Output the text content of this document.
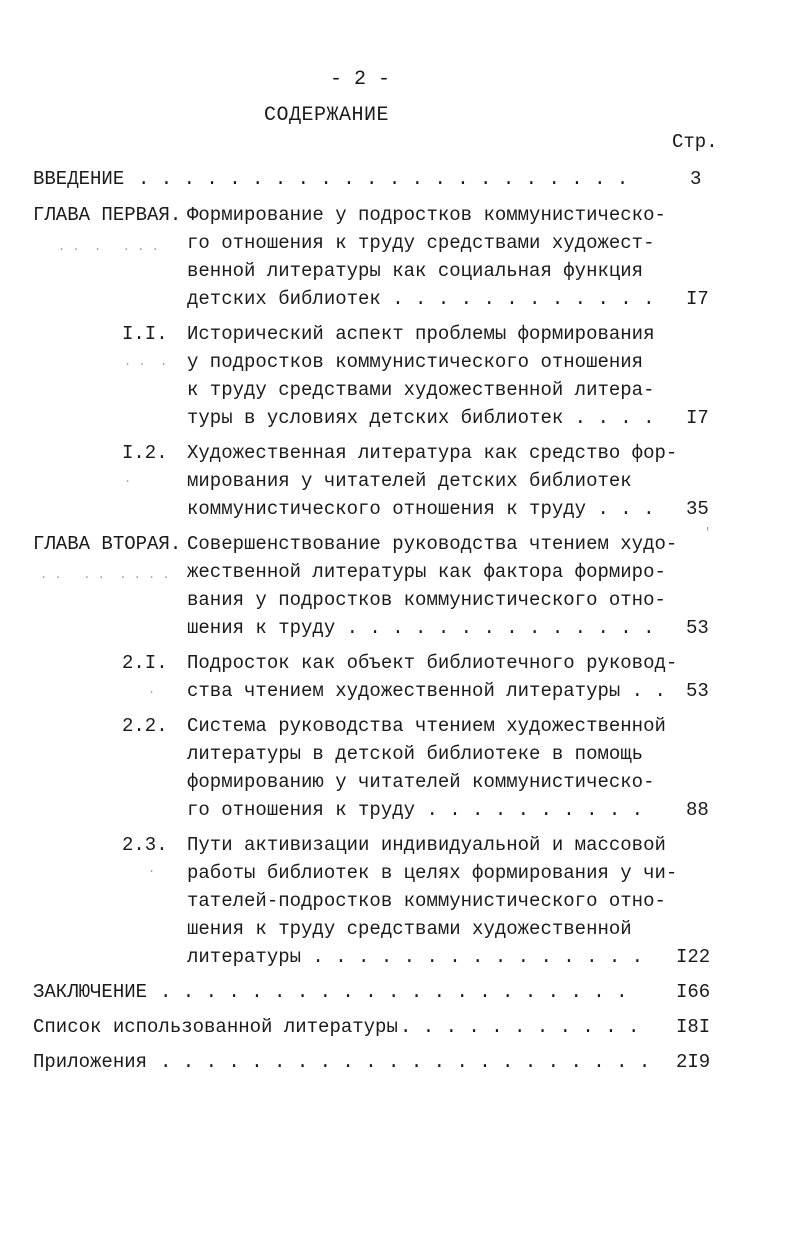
- 2 -
СОДЕРЖАНИЕ
Стр.
ВВЕДЕНИЕ . . . . . . . . . . . . . . . . . . . . . .	3
ГЛАВА ПЕРВАЯ. Формирование у подростков коммунистическо-
го отношения к труду средствами художест-
венной литературы как социальная функция
детских библиотек . . . . . . . . . . . . I7
I.I. Исторический аспект проблемы формирования
у подростков коммунистического отношения
к труду средствами художественной литера-
туры в условиях детских библиотек . . . . I7
I.2. Художественная литература как средство фор-
мирования у читателей детских библиотек
коммунистического отношения к труду . . . 35
ГЛАВА ВТОРАЯ. Совершенствование руководства чтением худо-
жественной литературы как фактора формиро-
вания у подростков коммунистического отно-
шения к труду . . . . . . . . . . . . . . 53
2.I. Подросток как объект библиотечного руковод-
ства чтением художественной литературы . . 53
2.2. Система руководства чтением художественной
литературы в детской библиотеке в помощь
формированию у читателей коммунистическо-
го отношения к труду . . . . . . . . . . 88
2.3. Пути активизации индивидуальной и массовой
работы библиотек в целях формирования у чи-
тателей-подростков коммунистического отно-
шения к труду средствами художественной
литературы . . . . . . . . . . . . . . . I22
ЗАКЛЮЧЕНИЕ . . . . . . . . . . . . . . . . . . . . .	I66
Список использованной литературы . . . . . . . . . . . I8I
Приложения . . . . . . . . . . . . . . . . . . . . . . 2I9
. .  .   . . .
. .  .
.
. .   . .  . . . .
.
.
'
